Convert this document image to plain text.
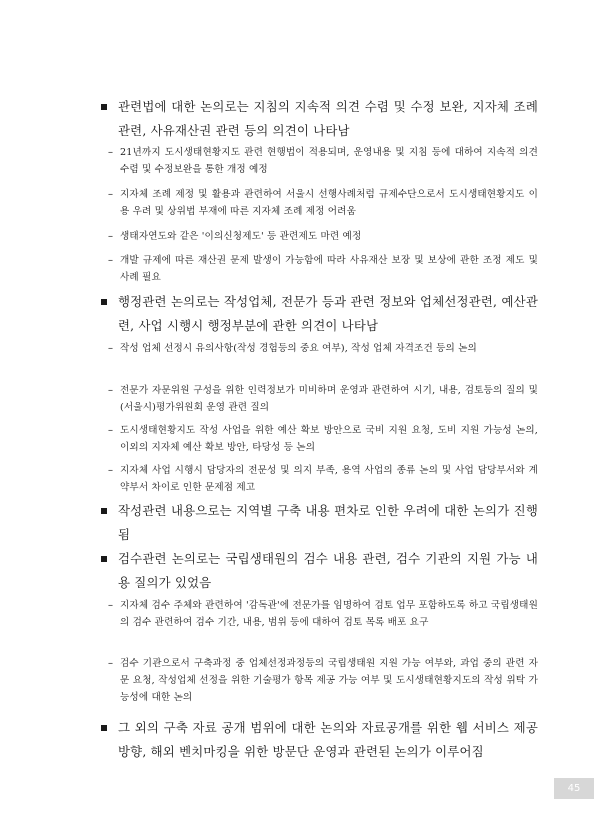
관련법에 대한 논의로는 지침의 지속적 의견 수렴 및 수정 보완, 지자체 조례 관련, 사유재산권 관련 등의 의견이 나타남
– 21년까지 도시생태현황지도 관련 현행법이 적용되며, 운영내용 및 지침 등에 대하여 지속적 의견 수렴 및 수정보완을 통한 개정 예정
– 지자체 조례 제정 및 활용과 관련하여 서울시 선행사례처럼 규제수단으로서 도시생태현황지도 이용 우려 및 상위법 부재에 따른 지자체 조례 제정 어려움
– 생태자연도와 같은 '이의신청제도' 등 관련제도 마련 예정
– 개발 규제에 따른 재산권 문제 발생이 가능함에 따라 사유재산 보장 및 보상에 관한 조정 제도 및 사례 필요
행정관련 논의로는 작성업체, 전문가 등과 관련 정보와 업체선정관련, 예산관련, 사업 시행시 행정부분에 관한 의견이 나타남
– 작성 업체 선정시 유의사항(작성 경험등의 중요 여부), 작성 업체 자격조건 등의 논의
– 전문가 자문위원 구성을 위한 인력정보가 미비하며 운영과 관련하여 시기, 내용, 검토등의 질의 및 (서울시)평가위원회 운영 관련 질의
– 도시생태현황지도 작성 사업을 위한 예산 확보 방안으로 국비 지원 요청, 도비 지원 가능성 논의, 이외의 지자체 예산 확보 방안, 타당성 등 논의
– 지자체 사업 시행시 담당자의 전문성 및 의지 부족, 용역 사업의 종류 논의 및 사업 담당부서와 계약부서 차이로 인한 문제점 제고
작성관련 내용으로는 지역별 구축 내용 편차로 인한 우려에 대한 논의가 진행됨
검수관련 논의로는 국립생태원의 검수 내용 관련, 검수 기관의 지원 가능 내용 질의가 있었음
– 지자체 검수 주체와 관련하여 '감독관'에 전문가를 임명하여 검토 업무 포함하도록 하고 국립생태원의 검수 관련하여 검수 기간, 내용, 범위 등에 대하여 검토 목록 배포 요구
– 검수 기관으로서 구축과정 중 업체선정과정등의 국립생태원 지원 가능 여부와, 과업 중의 관련 자문 요청, 작성업체 선정을 위한 기술평가 항목 제공 가능 여부 및 도시생태현황지도의 작성 위탁 가능성에 대한 논의
그 외의 구축 자료 공개 범위에 대한 논의와 자료공개를 위한 웹 서비스 제공 방향, 해외 벤치마킹을 위한 방문단 운영과 관련된 논의가 이루어짐
45
